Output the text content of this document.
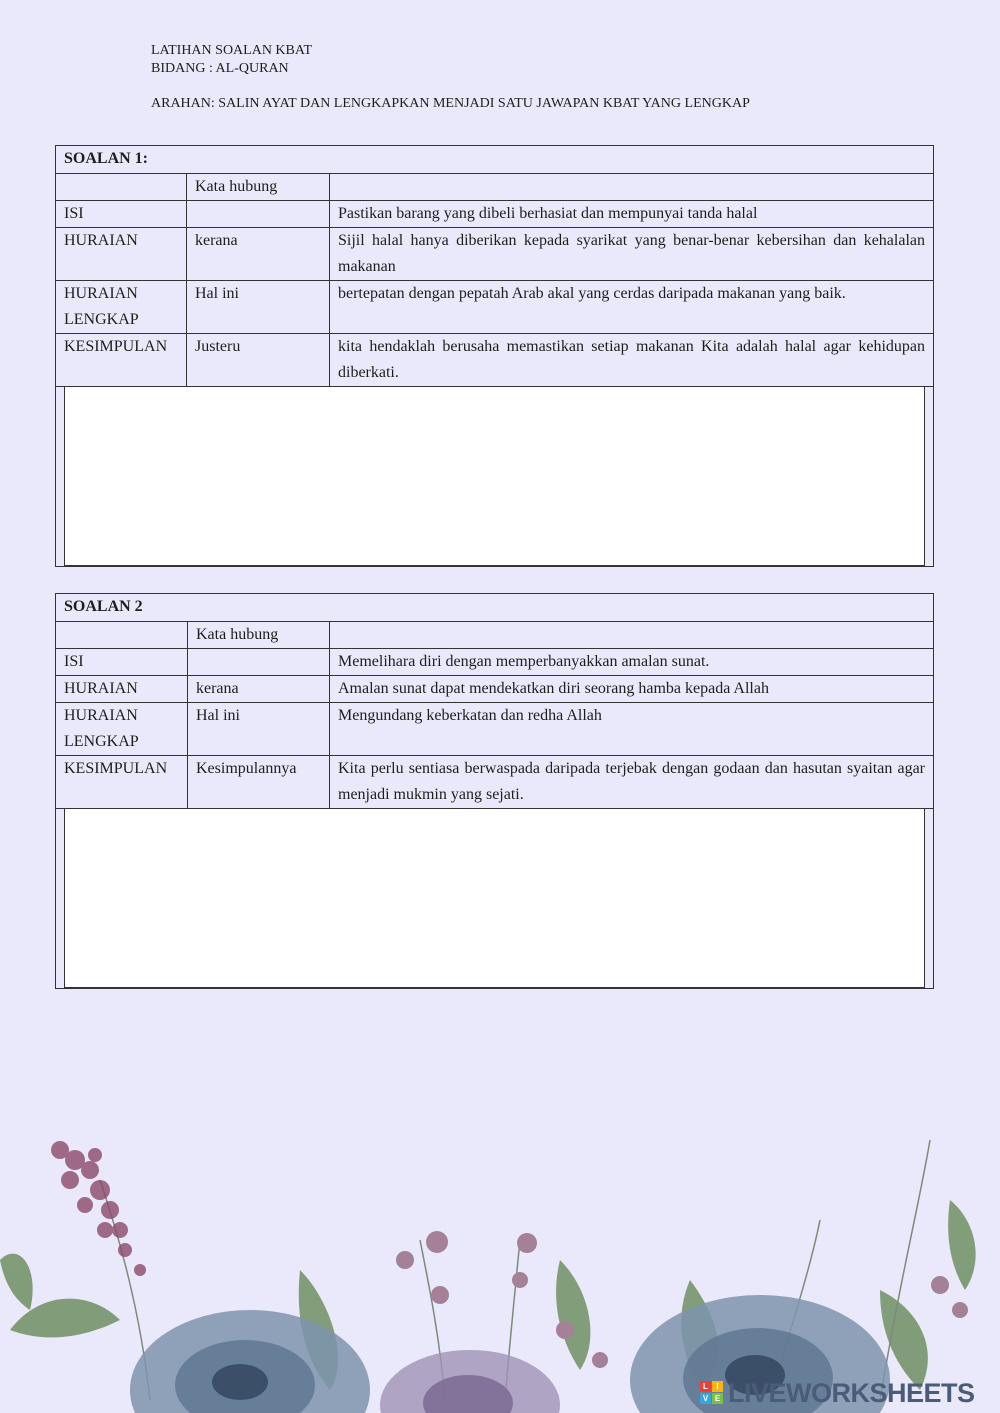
LATIHAN SOALAN KBAT
BIDANG : AL-QURAN
ARAHAN: SALIN AYAT DAN LENGKAPKAN MENJADI SATU JAWAPAN KBAT YANG LENGKAP
SOALAN 1:		
	Kata hubung	
ISI		Pastikan barang yang dibeli berhasiat dan mempunyai tanda halal
HURAIAN	kerana	Sijil halal hanya diberikan kepada syarikat yang benar-benar kebersihan dan kehalalan makanan
HURAIAN LENGKAP	Hal ini	bertepatan dengan pepatah Arab akal yang cerdas daripada makanan yang baik.
KESIMPULAN	Justeru	kita hendaklah berusaha memastikan setiap makanan Kita adalah halal agar kehidupan diberkati.

SOALAN 2		
	Kata hubung	
ISI		Memelihara diri dengan memperbanyakkan amalan sunat.
HURAIAN	kerana	Amalan sunat dapat mendekatkan diri seorang hamba kepada Allah
HURAIAN LENGKAP	Hal ini	Mengundang keberkatan dan redha Allah
KESIMPULAN	Kesimpulannya	Kita perlu sentiasa berwaspada daripada terjebak dengan godaan dan hasutan syaitan agar menjadi mukmin yang sejati.

L	I
V E LIVEWORKSHEETS
